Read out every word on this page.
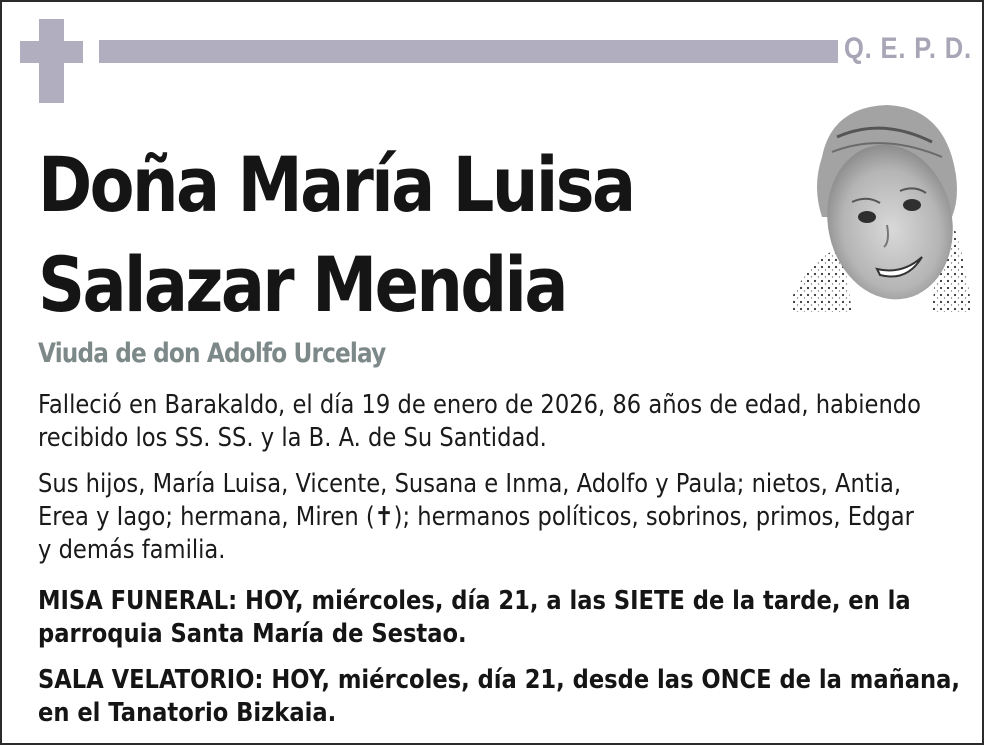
Q. E. P. D.
Doña María Luisa
Salazar Mendia
Viuda de don Adolfo Urcelay

Falleció en Barakaldo, el día 19 de enero de 2026, 86 años de edad, habiendo
recibido los SS. SS. y la B. A. de Su Santidad.

Sus hijos, María Luisa, Vicente, Susana e Inma, Adolfo y Paula; nietos, Antia,
Erea y Iago; hermana, Miren (✝); hermanos políticos, sobrinos, primos, Edgar
y demás familia.

MISA FUNERAL: HOY, miércoles, día 21, a las SIETE de la tarde, en la
parroquia Santa María de Sestao.

SALA VELATORIO: HOY, miércoles, día 21, desde las ONCE de la mañana,
en el Tanatorio Bizkaia.
